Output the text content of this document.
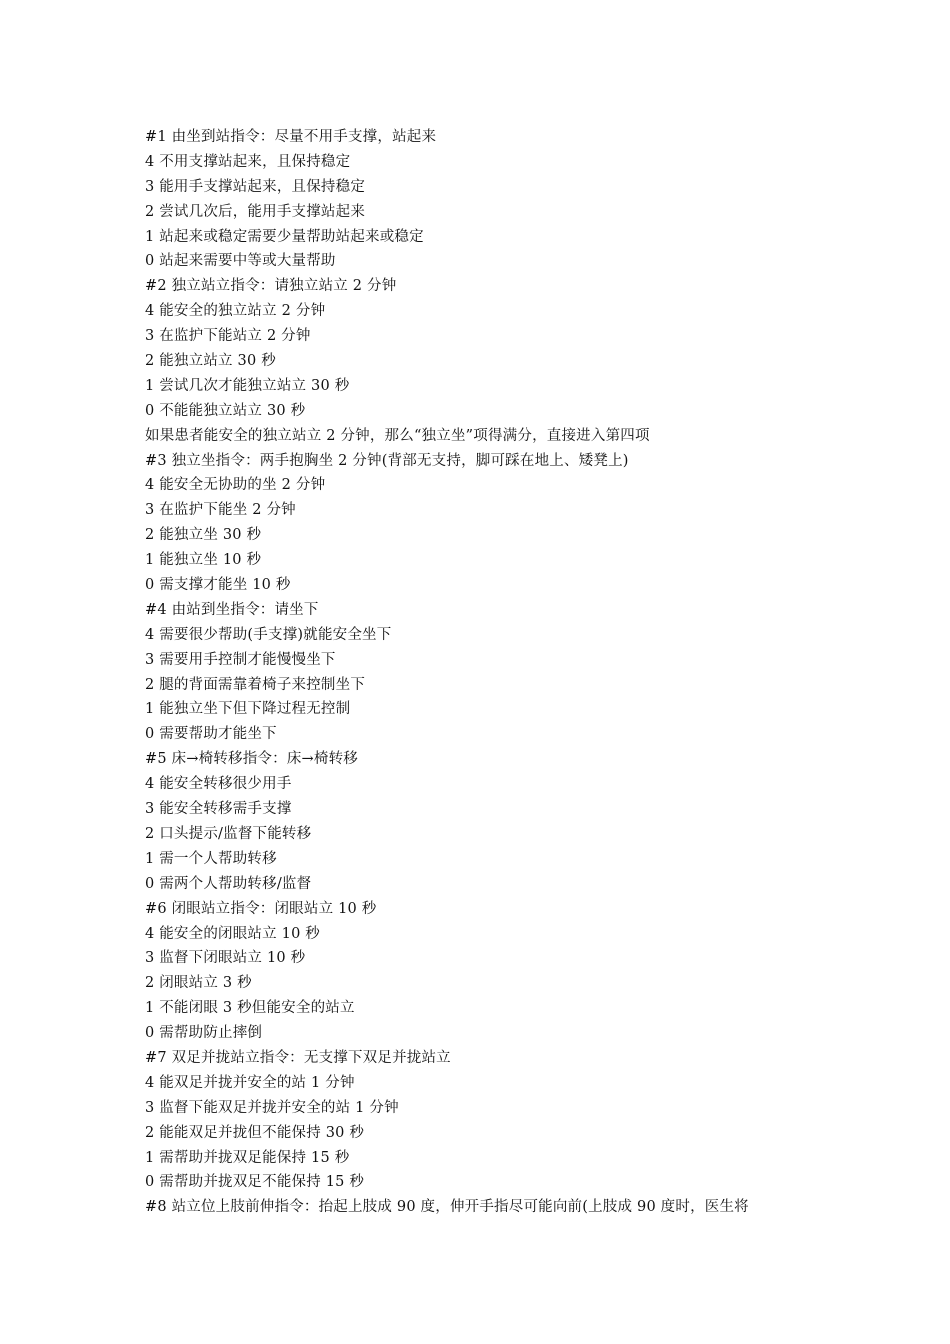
#1 由坐到站指令：尽量不用手支撑，站起来
4 不用支撑站起来，且保持稳定
3 能用手支撑站起来，且保持稳定
2 尝试几次后，能用手支撑站起来
1 站起来或稳定需要少量帮助站起来或稳定
0 站起来需要中等或大量帮助
#2 独立站立指令：请独立站立 2 分钟
4 能安全的独立站立 2 分钟
3 在监护下能站立 2 分钟
2 能独立站立 30 秒
1 尝试几次才能独立站立 30 秒
0 不能能独立站立 30 秒
如果患者能安全的独立站立 2 分钟，那么“独立坐”项得满分，直接进入第四项
#3 独立坐指令：两手抱胸坐 2 分钟(背部无支持，脚可踩在地上、矮凳上)
4 能安全无协助的坐 2 分钟
3 在监护下能坐 2 分钟
2 能独立坐 30 秒
1 能独立坐 10 秒
0 需支撑才能坐 10 秒
#4 由站到坐指令：请坐下
4 需要很少帮助(手支撑)就能安全坐下
3 需要用手控制才能慢慢坐下
2 腿的背面需靠着椅子来控制坐下
1 能独立坐下但下降过程无控制
0 需要帮助才能坐下
#5 床→椅转移指令：床→椅转移
4 能安全转移很少用手
3 能安全转移需手支撑
2 口头提示/监督下能转移
1 需一个人帮助转移
0 需两个人帮助转移/监督
#6 闭眼站立指令：闭眼站立 10 秒
4 能安全的闭眼站立 10 秒
3 监督下闭眼站立 10 秒
2 闭眼站立 3 秒
1 不能闭眼 3 秒但能安全的站立
0 需帮助防止摔倒
#7 双足并拢站立指令：无支撑下双足并拢站立
4 能双足并拢并安全的站 1 分钟
3 监督下能双足并拢并安全的站 1 分钟
2 能能双足并拢但不能保持 30 秒
1 需帮助并拢双足能保持 15 秒
0 需帮助并拢双足不能保持 15 秒
#8 站立位上肢前伸指令：抬起上肢成 90 度，伸开手指尽可能向前(上肢成 90 度时，医生将
